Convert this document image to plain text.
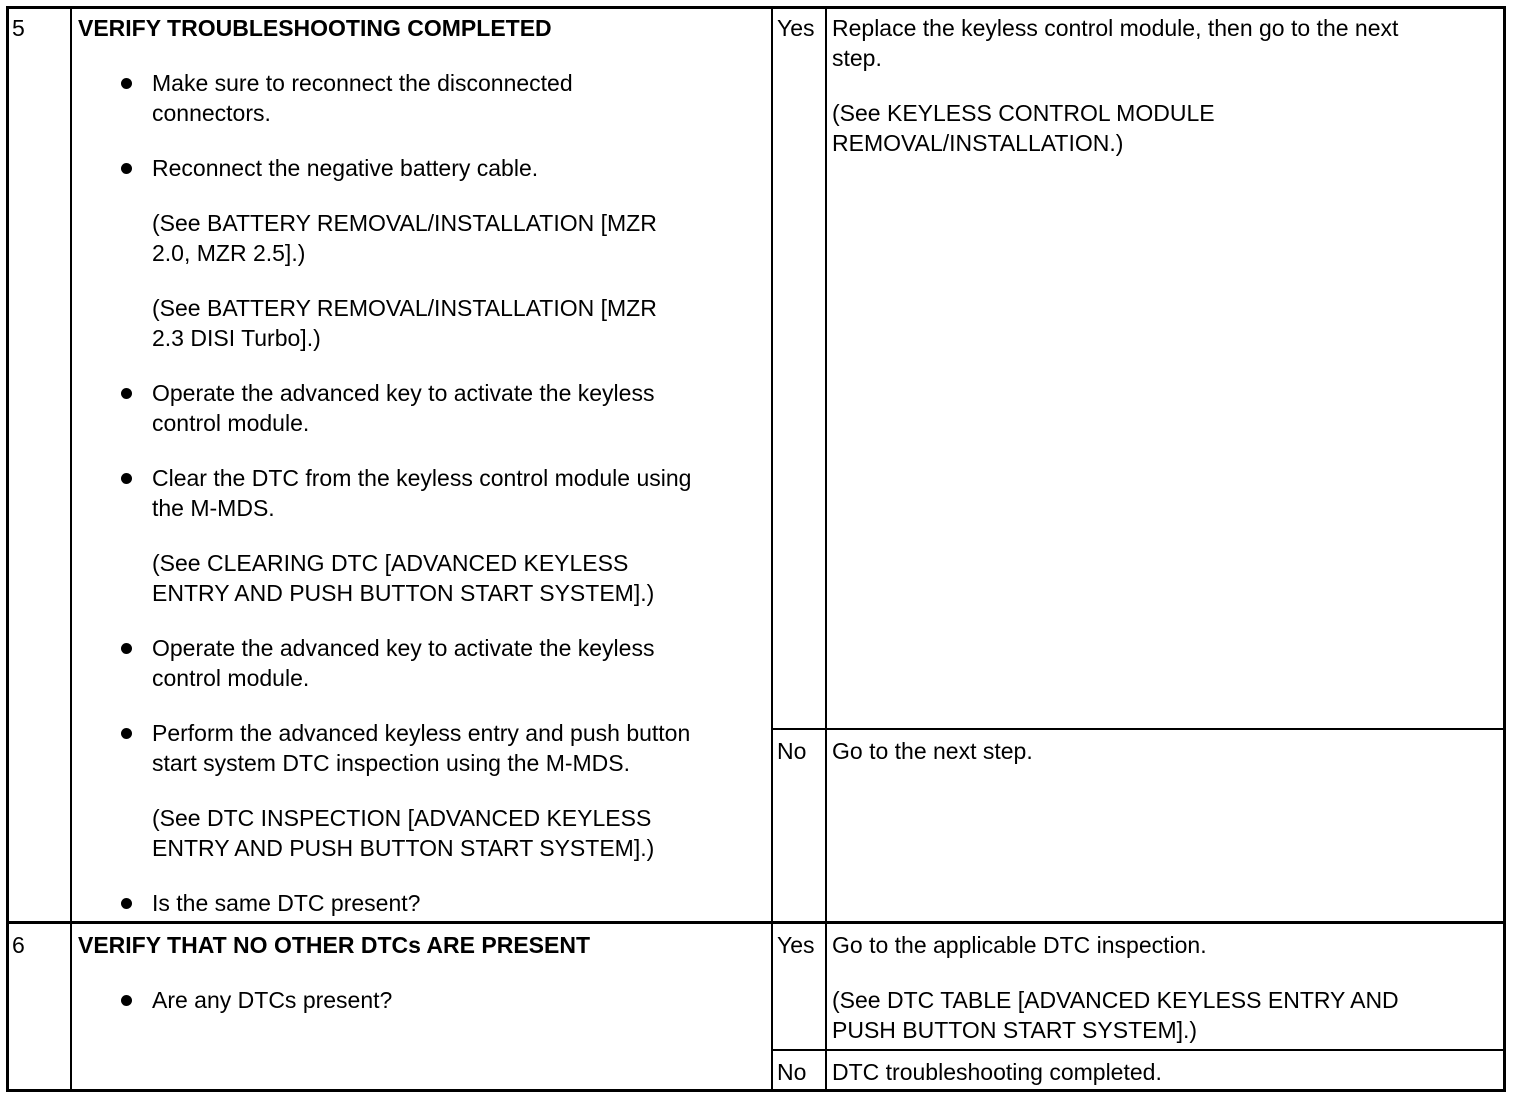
5 VERIFY TROUBLESHOOTING COMPLETED
Make sure to reconnect the disconnected
connectors.
Reconnect the negative battery cable.
(See BATTERY REMOVAL/INSTALLATION [MZR
2.0, MZR 2.5].)
(See BATTERY REMOVAL/INSTALLATION [MZR
2.3 DISI Turbo].)
Operate the advanced key to activate the keyless
control module.
Clear the DTC from the keyless control module using
the M-MDS.
(See CLEARING DTC [ADVANCED KEYLESS
ENTRY AND PUSH BUTTON START SYSTEM].)
Operate the advanced key to activate the keyless
control module.
Perform the advanced keyless entry and push button
start system DTC inspection using the M-MDS.
(See DTC INSPECTION [ADVANCED KEYLESS
ENTRY AND PUSH BUTTON START SYSTEM].)
Is the same DTC present?
Yes Replace the keyless control module, then go to the next
step.
(See KEYLESS CONTROL MODULE
REMOVAL/INSTALLATION.)
No Go to the next step.
6 VERIFY THAT NO OTHER DTCs ARE PRESENT
Are any DTCs present?
Yes Go to the applicable DTC inspection.
(See DTC TABLE [ADVANCED KEYLESS ENTRY AND
PUSH BUTTON START SYSTEM].)
No DTC troubleshooting completed.
